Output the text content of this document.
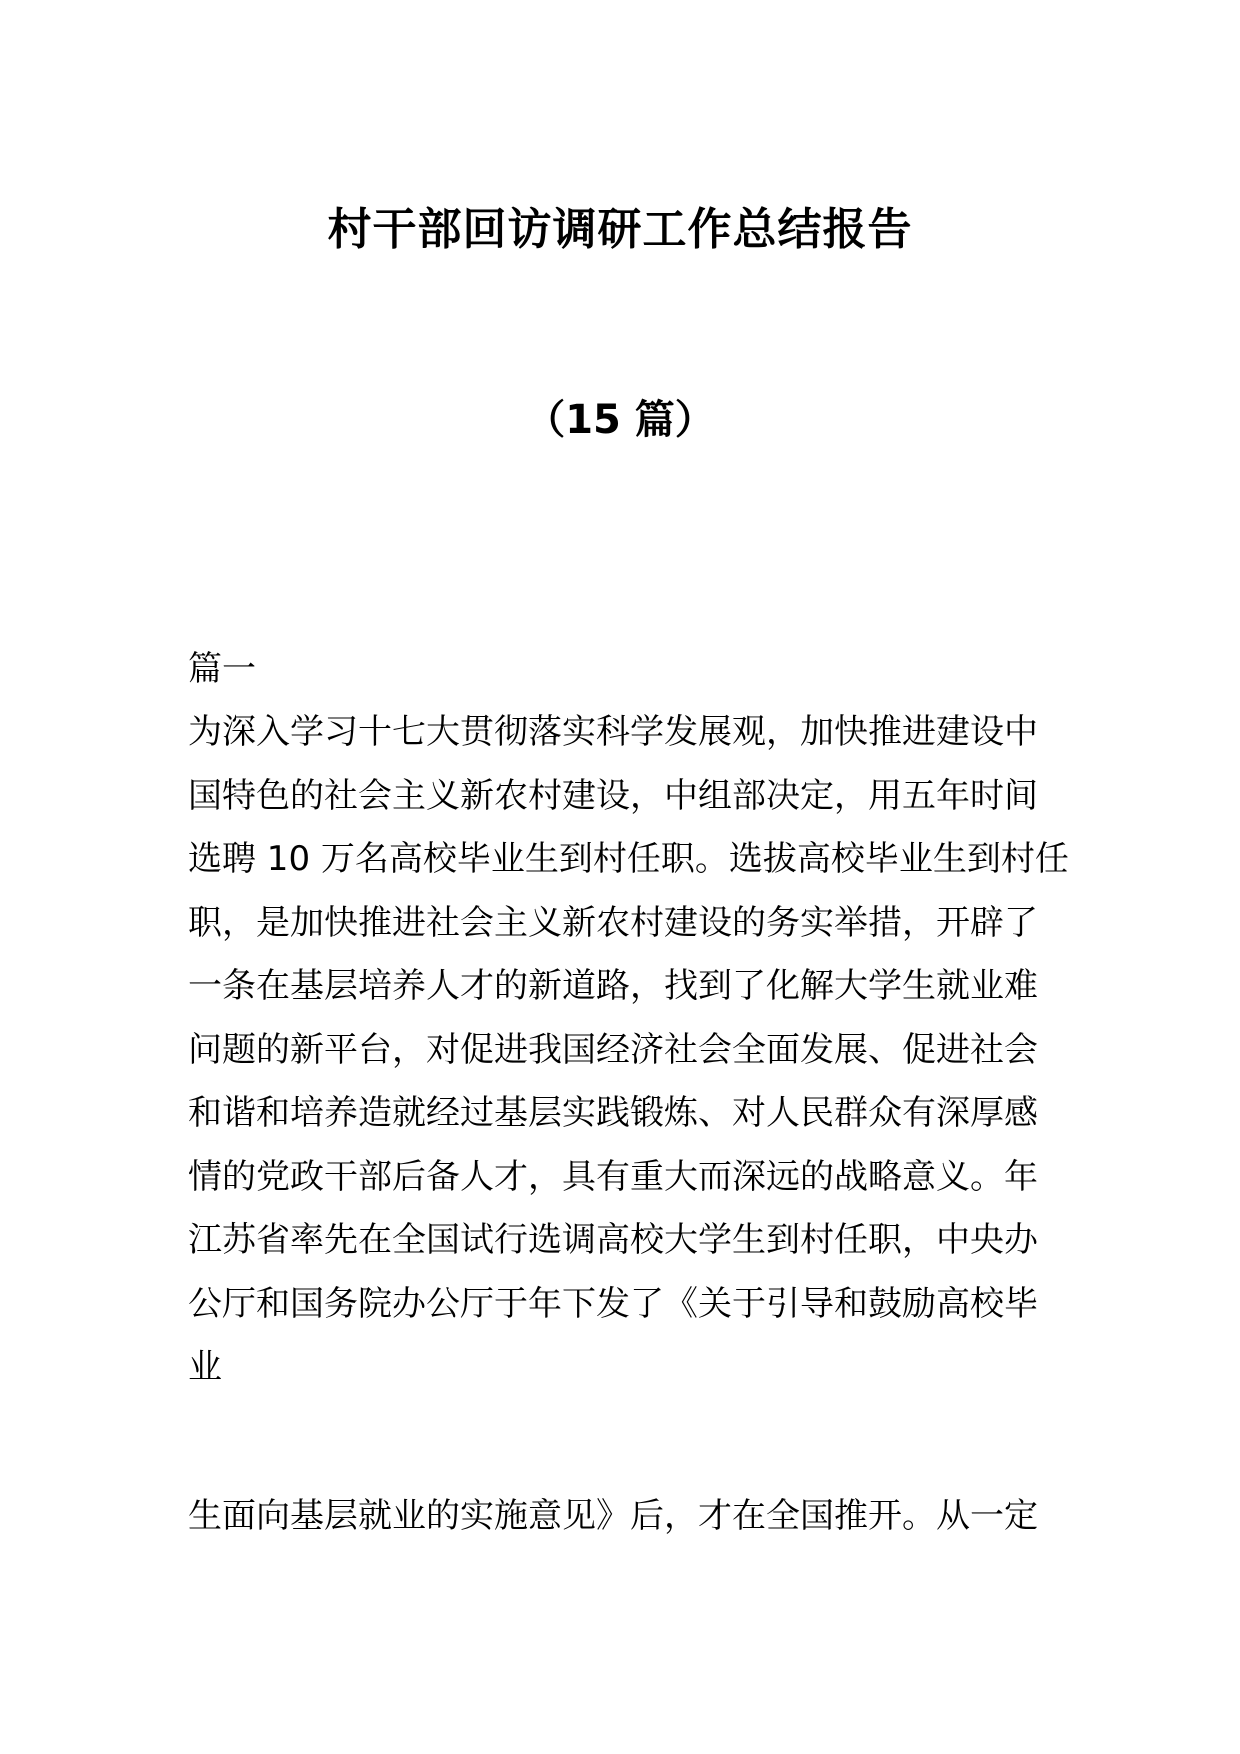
村干部回访调研工作总结报告
（15 篇）
篇一
为深入学习十七大贯彻落实科学发展观，加快推进建设中
国特色的社会主义新农村建设，中组部决定，用五年时间
选聘 10 万名高校毕业生到村任职。选拔高校毕业生到村任
职，是加快推进社会主义新农村建设的务实举措，开辟了
一条在基层培养人才的新道路，找到了化解大学生就业难
问题的新平台，对促进我国经济社会全面发展、促进社会
和谐和培养造就经过基层实践锻炼、对人民群众有深厚感
情的党政干部后备人才，具有重大而深远的战略意义。年
江苏省率先在全国试行选调高校大学生到村任职，中央办
公厅和国务院办公厅于年下发了《关于引导和鼓励高校毕
业
生面向基层就业的实施意见》后，才在全国推开。从一定
